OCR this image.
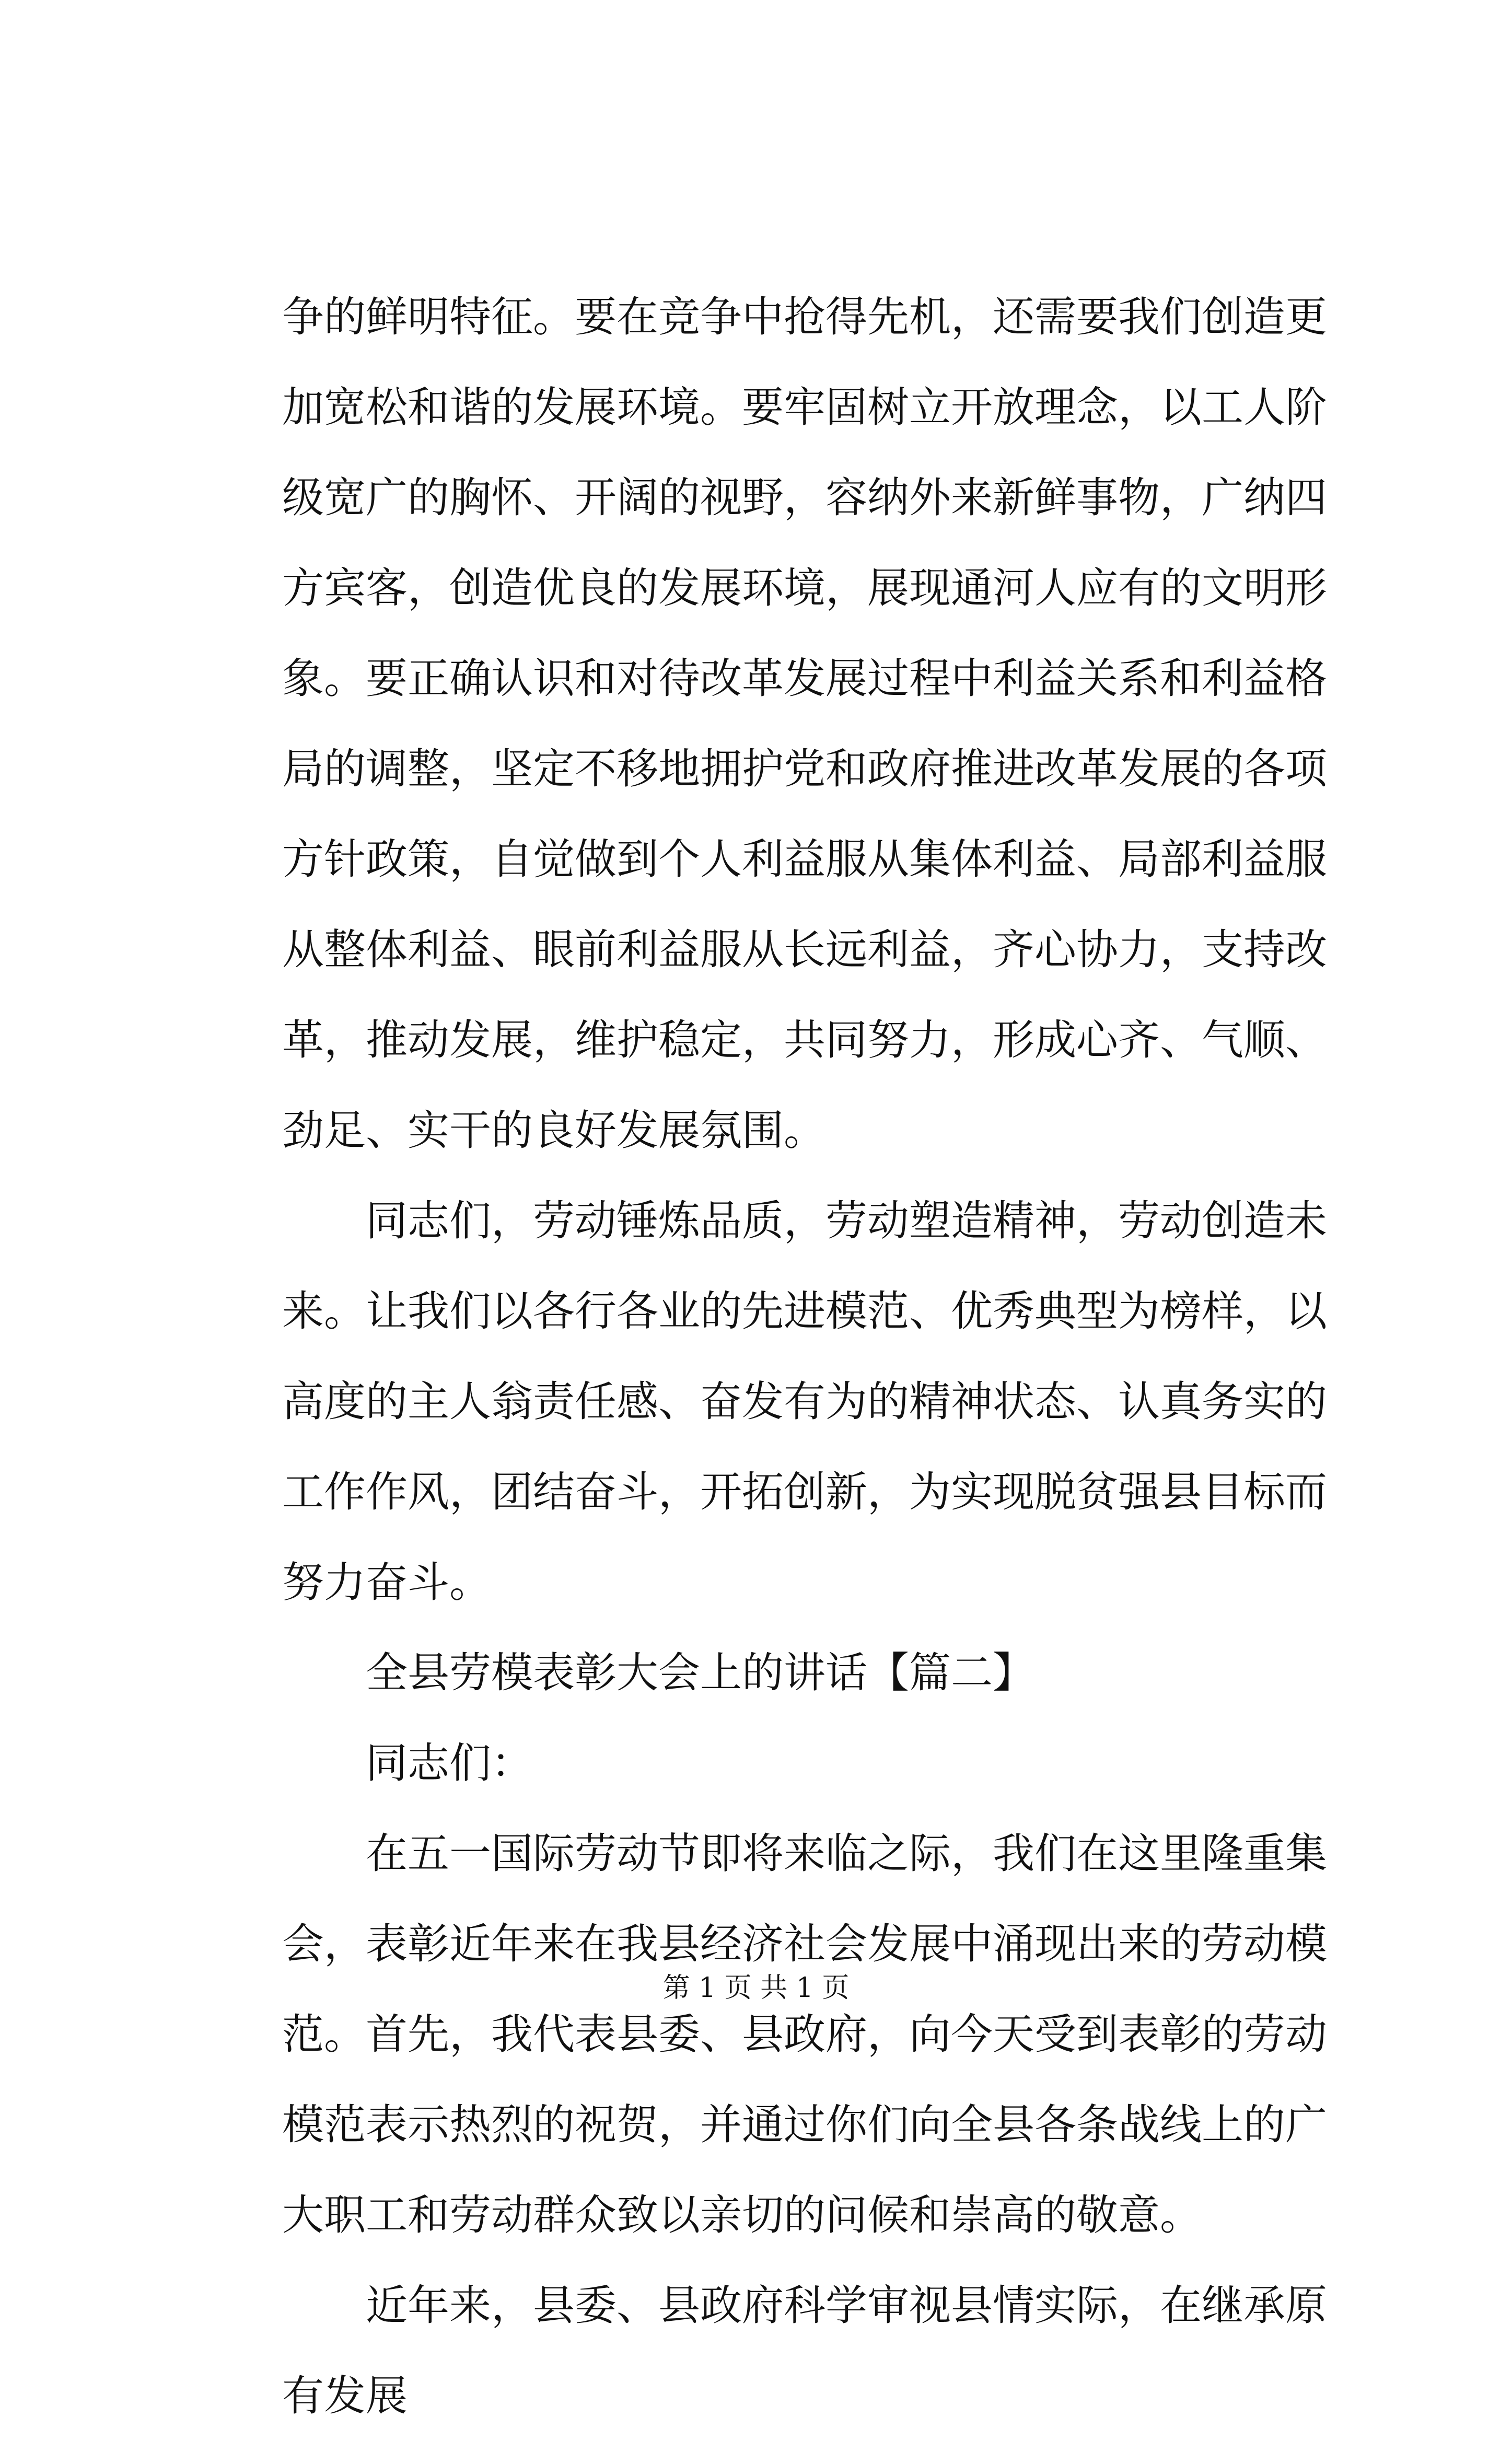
争的鲜明特征。要在竞争中抢得先机，还需要我们创造更加宽松和谐的发展环境。要牢固树立开放理念，以工人阶级宽广的胸怀、开阔的视野，容纳外来新鲜事物，广纳四方宾客，创造优良的发展环境，展现通河人应有的文明形象。要正确认识和对待改革发展过程中利益关系和利益格局的调整，坚定不移地拥护党和政府推进改革发展的各项方针政策，自觉做到个人利益服从集体利益、局部利益服从整体利益、眼前利益服从长远利益，齐心协力，支持改革，推动发展，维护稳定，共同努力，形成心齐、气顺、劲足、实干的良好发展氛围。

同志们，劳动锤炼品质，劳动塑造精神，劳动创造未来。让我们以各行各业的先进模范、优秀典型为榜样，以高度的主人翁责任感、奋发有为的精神状态、认真务实的工作作风，团结奋斗，开拓创新，为实现脱贫强县目标而努力奋斗。

全县劳模表彰大会上的讲话【篇二】

同志们：

在五一国际劳动节即将来临之际，我们在这里隆重集会，表彰近年来在我县经济社会发展中涌现出来的劳动模范。首先，我代表县委、县政府，向今天受到表彰的劳动模范表示热烈的祝贺，并通过你们向全县各条战线上的广大职工和劳动群众致以亲切的问候和崇高的敬意。

近年来，县委、县政府科学审视县情实际，在继承原有发展

第 1 页 共 1 页
